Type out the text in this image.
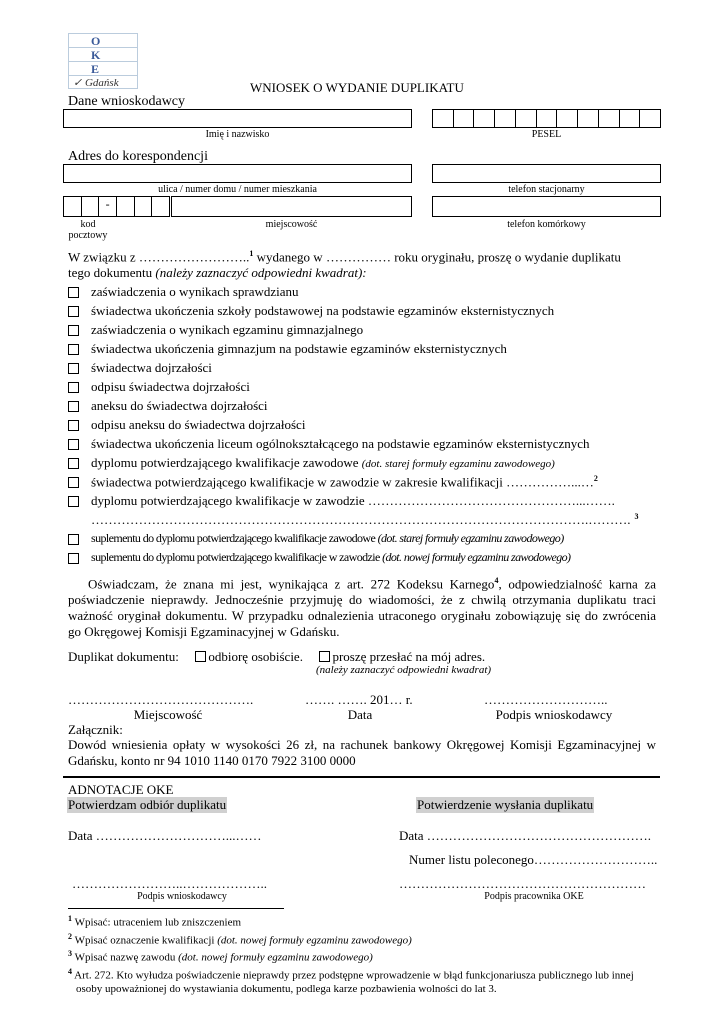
O
K
E
✓ Gdańsk	WNIOSEK O WYDANIE DUPLIKATU
Dane wnioskodawcy
Imię i nazwisko	PESEL
Adres do korespondencji
ulica / numer domu / numer mieszkania	telefon stacjonarny
-
kod pocztowy
miejscowość	telefon komórkowy
W związku z ……………………..$^1$ wydanego w …………… roku oryginału, proszę o wydanie duplikatu
tego dokumentu (należy zaznaczyć odpowiedni kwadrat):
zaświadczenia o wynikach sprawdzianu
świadectwa ukończenia szkoły podstawowej na podstawie egzaminów eksternistycznych
zaświadczenia o wynikach egzaminu gimnazjalnego
świadectwa ukończenia gimnazjum na podstawie egzaminów eksternistycznych
świadectwa dojrzałości
odpisu świadectwa dojrzałości
aneksu do świadectwa dojrzałości
odpisu aneksu do świadectwa dojrzałości
świadectwa ukończenia liceum ogólnokształcącego na podstawie egzaminów eksternistycznych
dyplomu potwierdzającego kwalifikacje zawodowe (dot. starej formuły egzaminu zawodowego)
świadectwa potwierdzającego kwalifikacje w zawodzie w zakresie kwalifikacji ……………...…$^2$
dyplomu potwierdzającego kwalifikacje w zawodzie …………………………………………...…….
…………………………………………………………………………………………………….………. $^3$
suplementu do dyplomu potwierdzającego kwalifikacje zawodowe (dot. starej formuły egzaminu zawodowego)
suplementu do dyplomu potwierdzającego kwalifikacje w zawodzie (dot. nowej formuły egzaminu zawodowego)
Oświadczam, że znana mi jest, wynikająca z art. 272 Kodeksu Karnego$^4$, odpowiedzialność karna za poświadczenie nieprawdy. Jednocześnie przyjmuję do wiadomości, że z chwilą otrzymania duplikatu traci ważność oryginał dokumentu. W przypadku odnalezienia utraconego oryginału zobowiązuję się do zwrócenia go Okręgowej Komisji Egzaminacyjnej w Gdańsku.
Duplikat dokumentu: odbiorę osobiście. proszę przesłać na mój adres.
(należy zaznaczyć odpowiedni kwadrat)
…………………………………….	……. ……. 201… r.	………………………..
Miejscowość	Data	Podpis wnioskodawcy
Załącznik:
Dowód wniesienia opłaty w wysokości 26 zł, na rachunek bankowy Okręgowej Komisji Egzaminacyjnej w Gdańsku, konto nr 94 1010 1140 0170 7922 3100 0000
ADNOTACJE OKE
Potwierdzam odbiór duplikatu	Potwierdzenie wysłania duplikatu
Data …………………………...……	Data …………………………………………….
Numer listu poleconego………………………..
……………………..………………..	…………………………………………………
Podpis wnioskodawcy	Podpis pracownika OKE
$^1$ Wpisać: utraceniem lub zniszczeniem
$^2$ Wpisać oznaczenie kwalifikacji (dot. nowej formuły egzaminu zawodowego)
$^3$ Wpisać nazwę zawodu (dot. nowej formuły egzaminu zawodowego)
$^4$ Art. 272. Kto wyłudza poświadczenie nieprawdy przez podstępne wprowadzenie w błąd funkcjonariusza publicznego lub innej osoby upoważnionej do wystawiania dokumentu, podlega karze pozbawienia wolności do lat 3.
